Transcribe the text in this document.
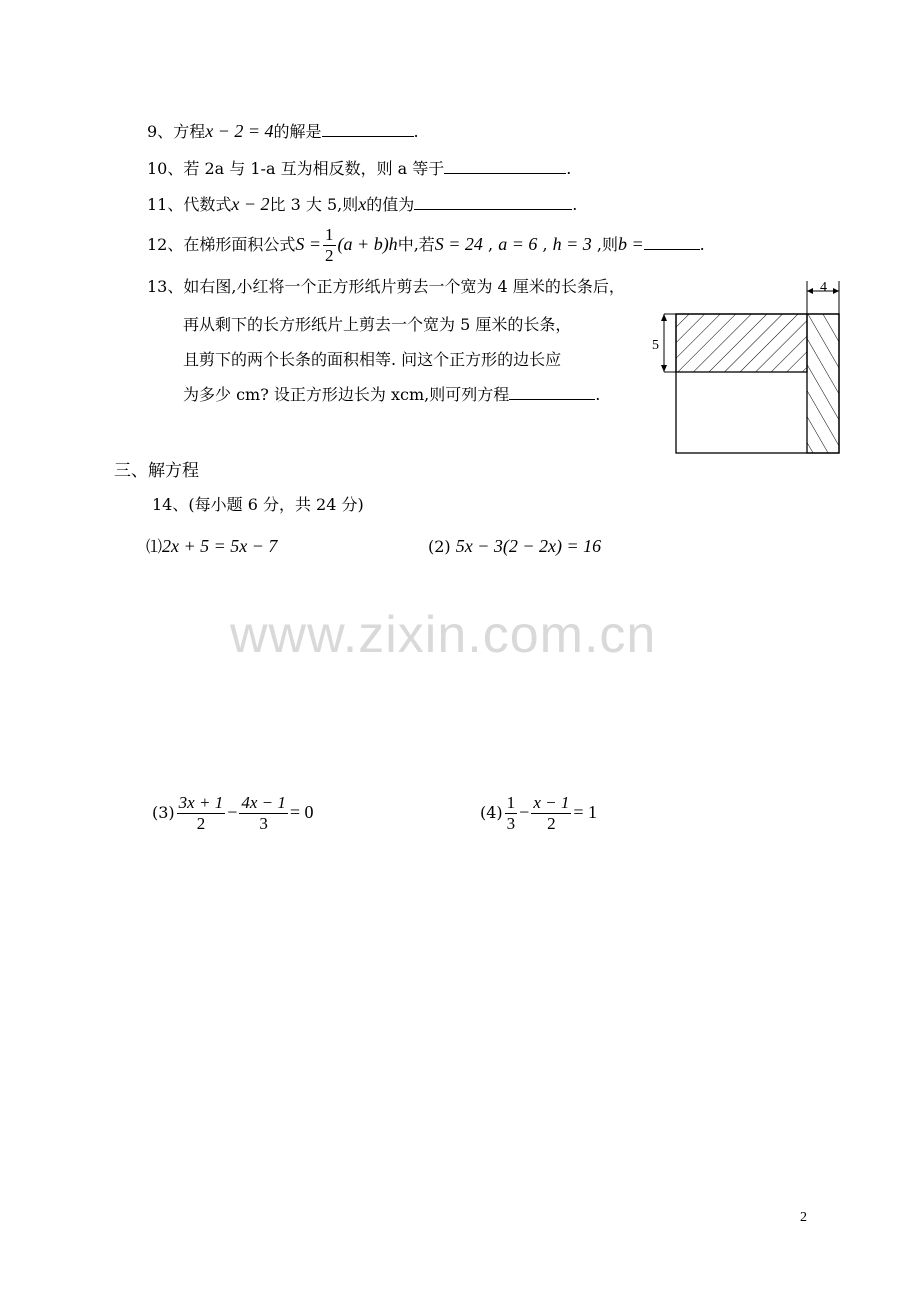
9、方程x − 2 = 4的解是	.
10、若 2a 与 1-a 互为相反数，则 a 等于	.
11、代数式x − 2比 3 大 5,则x的值为	.
12、在梯形面积公式$S = \frac{1}{2} (a + b)h$中,若S = 24 , a = 6 , h = 3 ,则b =	.
13、如右图,小红将一个正方形纸片剪去一个宽为 4 厘米的长条后，
再从剩下的长方形纸片上剪去一个宽为 5 厘米的长条，
且剪下的两个长条的面积相等. 问这个正方形的边长应
为多少 cm? 设正方形边长为 xcm,则可列方程	.
4
5
三、解方程
14、(每小题 6 分，共 24 分)
⑴2x + 5 = 5x − 7	(2) 5x − 3(2 − 2x) = 16
www.zixin.com.cn
$(3) \frac{3x + 1}{2} - \frac{4x - 1}{3} = 0$	$(4) \frac{1}{3} - \frac{x - 1}{2} = 1$
2
